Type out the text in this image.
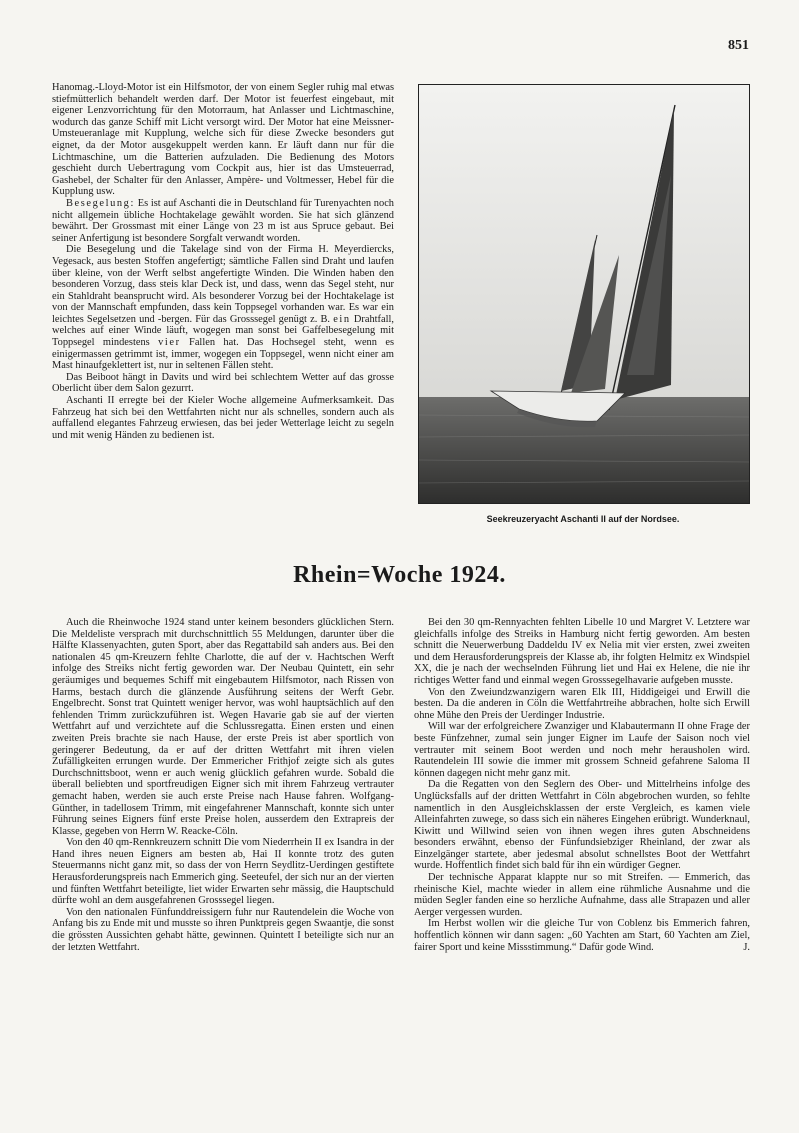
851

Hanomag.-Lloyd-Motor ist ein Hilfsmotor, der von einem Segler ruhig mal etwas stiefmütterlich behandelt werden darf. Der Motor ist feuerfest eingebaut, mit eigener Lenzvorrichtung für den Motorraum, hat Anlasser und Lichtmaschine, wodurch das ganze Schiff mit Licht versorgt wird. Der Motor hat eine Meissner-Umsteueranlage mit Kupplung, welche sich für diese Zwecke besonders gut eignet, da der Motor ausgekuppelt werden kann. Er läuft dann nur für die Lichtmaschine, um die Batterien aufzuladen. Die Bedienung des Motors geschieht durch Uebertragung vom Cockpit aus, hier ist das Umsteuerrad, Gashebel, der Schalter für den Anlasser, Ampère- und Voltmesser, Hebel für die Kupplung usw.

Besegelung: Es ist auf Aschanti die in Deutschland für Turenyachten noch nicht allgemein übliche Hochtakelage gewählt worden. Sie hat sich glänzend bewährt. Der Grossmast mit einer Länge von 23 m ist aus Spruce gebaut. Bei seiner Anfertigung ist besondere Sorgfalt verwandt worden.

Die Besegelung und die Takelage sind von der Firma H. Meyerdiercks, Vegesack, aus besten Stoffen angefertigt; sämtliche Fallen sind Draht und laufen über kleine, von der Werft selbst angefertigte Winden. Die Winden haben den besonderen Vorzug, dass steis klar Deck ist, und dass, wenn das Segel steht, nur ein Stahldraht beansprucht wird. Als besonderer Vorzug bei der Hochtakelage ist von der Mannschaft empfunden, dass kein Toppsegel vorhanden war. Es war ein leichtes Segelsetzen und -bergen. Für das Grosssegel genügt z. B. ein Drahtfall, welches auf einer Winde läuft, wogegen man sonst bei Gaffelbesegelung mit Toppsegel mindestens vier Fallen hat. Das Hochsegel steht, wenn es einigermassen getrimmt ist, immer, wogegen ein Toppsegel, wenn nicht einer am Mast hinaufgeklettert ist, nur in seltenen Fällen steht.

Das Beiboot hängt in Davits und wird bei schlechtem Wetter auf das grosse Oberlicht über dem Salon gezurrt.

Aschanti II erregte bei der Kieler Woche allgemeine Aufmerksamkeit. Das Fahrzeug hat sich bei den Wettfahrten nicht nur als schnelles, sondern auch als auffallend elegantes Fahrzeug erwiesen, das bei jeder Wetterlage leicht zu segeln und mit wenig Händen zu bedienen ist.

Seekreuzeryacht Aschanti II auf der Nordsee.
Rhein=Woche 1924.

Auch die Rheinwoche 1924 stand unter keinem besonders glücklichen Stern. Die Meldeliste versprach mit durchschnittlich 55 Meldungen, darunter über die Hälfte Klassenyachten, guten Sport, aber das Regattabild sah anders aus. Bei den nationalen 45 qm-Kreuzern fehlte Charlotte, die auf der v. Hachtschen Werft infolge des Streiks nicht fertig geworden war. Der Neubau Quintett, ein sehr geräumiges und bequemes Schiff mit eingebautem Hilfsmotor, nach Rissen von Harms, bestach durch die glänzende Ausführung seitens der Werft Gebr. Engelbrecht. Sonst trat Quintett weniger hervor, was wohl hauptsächlich auf den fehlenden Trimm zurückzuführen ist. Wegen Havarie gab sie auf der vierten Wettfahrt auf und verzichtete auf die Schlussregatta. Einen ersten und einen zweiten Preis brachte sie nach Hause, der erste Preis ist aber sportlich von geringerer Bedeutung, da er auf der dritten Wettfahrt mit ihren vielen Zufälligkeiten errungen wurde. Der Emmericher Frithjof zeigte sich als gutes Durchschnittsboot, wenn er auch wenig glücklich gefahren wurde. Sobald die überall beliebten und sportfreudigen Eigner sich mit ihrem Fahrzeug vertrauter gemacht haben, werden sie auch erste Preise nach Hause fahren. Wolfgang-Günther, in tadellosem Trimm, mit eingefahrener Mannschaft, konnte sich unter Führung seines Eigners fünf erste Preise holen, ausserdem den Extrapreis der Klasse, gegeben von Herrn W. Reacke-Cöln.

Von den 40 qm-Rennkreuzern schnitt Die vom Niederrhein II ex Isandra in der Hand ihres neuen Eigners am besten ab, Hai II konnte trotz des guten Steuermanns nicht ganz mit, so dass der von Herrn Seydlitz-Uerdingen gestiftete Herausforderungspreis nach Emmerich ging. Seeteufel, der sich nur an der vierten und fünften Wettfahrt beteiligte, liet wider Erwarten sehr mässig, die Hauptschuld dürfte wohl an dem ausgefahrenen Grosssegel liegen.

Von den nationalen Fünfunddreissigern fuhr nur Rautendelein die Woche von Anfang bis zu Ende mit und musste so ihren Punktpreis gegen Swaantje, die sonst die grössten Aussichten gehabt hätte, gewinnen. Quintett I beteiligte sich nur an der letzten Wettfahrt.

Bei den 30 qm-Rennyachten fehlten Libelle 10 und Margret V. Letztere war gleichfalls infolge des Streiks in Hamburg nicht fertig geworden. Am besten schnitt die Neuerwerbung Daddeldu IV ex Nelia mit vier ersten, zwei zweiten und dem Herausforderungspreis der Klasse ab, ihr folgten Helmitz ex Windspiel XX, die je nach der wechselnden Führung liet und Hai ex Helene, die nie ihr richtiges Wetter fand und einmal wegen Grosssegelhavarie aufgeben musste.

Von den Zweiundzwanzigern waren Elk III, Hiddigeigei und Erwill die besten. Da die anderen in Cöln die Wettfahrtreihe abbrachen, holte sich Erwill ohne Mühe den Preis der Uerdinger Industrie.

Will war der erfolgreichere Zwanziger und Klabautermann II ohne Frage der beste Fünfzehner, zumal sein junger Eigner im Laufe der Saison noch viel vertrauter mit seinem Boot werden und noch mehr herausholen wird. Rautendelein III sowie die immer mit grossem Schneid gefahrene Saloma II können dagegen nicht mehr ganz mit.

Da die Regatten von den Seglern des Ober- und Mittelrheins infolge des Unglücksfalls auf der dritten Wettfahrt in Cöln abgebrochen wurden, so fehlte namentlich in den Ausgleichsklassen der erste Vergleich, es kamen viele Alleinfahrten zuwege, so dass sich ein näheres Eingehen erübrigt. Wunderknaul, Kiwitt und Willwind seien von ihnen wegen ihres guten Abschneidens besonders erwähnt, ebenso der Fünfundsiebziger Rheinland, der zwar als Einzelgänger startete, aber jedesmal absolut schnellstes Boot der Wettfahrt wurde. Hoffentlich findet sich bald für ihn ein würdiger Gegner.

Der technische Apparat klappte nur so mit Streifen. — Emmerich, das rheinische Kiel, machte wieder in allem eine rühmliche Ausnahme und die müden Segler fanden eine so herzliche Aufnahme, dass alle Strapazen und aller Aerger vergessen wurden.

Im Herbst wollen wir die gleiche Tur von Coblenz bis Emmerich fahren, hoffentlich können wir dann sagen: „60 Yachten am Start, 60 Yachten am Ziel, fairer Sport und keine Missstimmung.“ Dafür gode Wind.	J.
